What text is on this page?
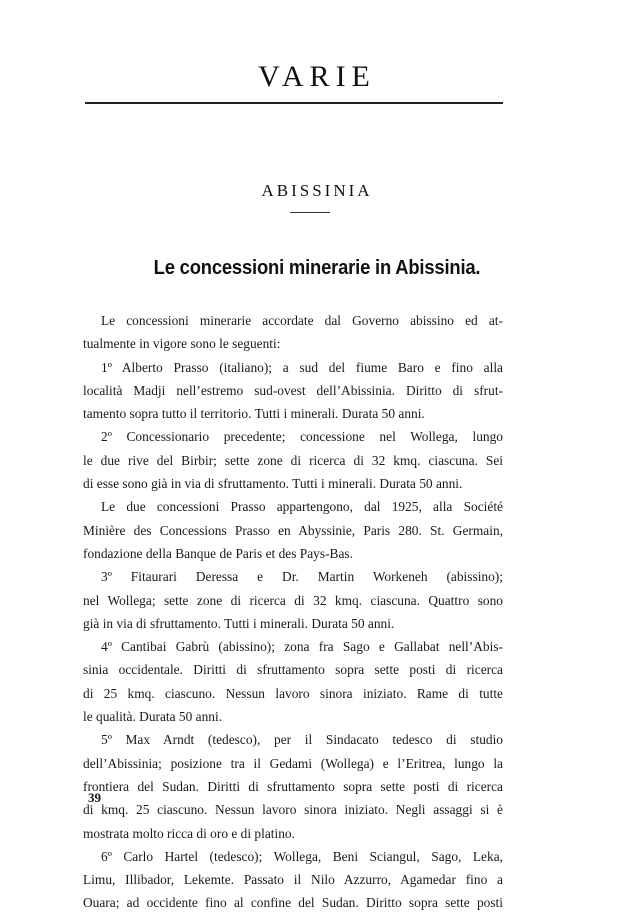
VARIE
ABISSINIA
Le concessioni minerarie in Abissinia.
Le concessioni minerarie accordate dal Governo abissino ed at-
tualmente in vigore sono le seguenti:
1º Alberto Prasso (italiano); a sud del fiume Baro e fino alla
località Madji nell’estremo sud-ovest dell’Abissinia. Diritto di sfrut-
tamento sopra tutto il territorio. Tutti i minerali. Durata 50 anni.
2º Concessionario precedente; concessione nel Wollega, lungo
le due rive del Birbir; sette zone di ricerca di 32 kmq. ciascuna. Sei
di esse sono già in via di sfruttamento. Tutti i minerali. Durata 50 anni.
Le due concessioni Prasso appartengono, dal 1925, alla Société
Minière des Concessions Prasso en Abyssinie, Paris 280. St. Germain,
fondazione della Banque de Paris et des Pays-Bas.
3º Fitaurari Deressa e Dr. Martin Workeneh (abissino);
nel Wollega; sette zone di ricerca di 32 kmq. ciascuna. Quattro sono
già in via di sfruttamento. Tutti i minerali. Durata 50 anni.
4º Cantibai Gabrù (abissino); zona fra Sago e Gallabat nell’Abis-
sinia occidentale. Diritti di sfruttamento sopra sette posti di ricerca
di 25 kmq. ciascuno. Nessun lavoro sinora iniziato. Rame di tutte
le qualità. Durata 50 anni.
5º Max Arndt (tedesco), per il Sindacato tedesco di studio
dell’Abissinia; posizione tra il Gedami (Wollega) e l’Eritrea, lungo la
frontiera del Sudan. Diritti di sfruttamento sopra sette posti di ricerca
di kmq. 25 ciascuno. Nessun lavoro sinora iniziato. Negli assaggi si è
mostrata molto ricca di oro e di platino.
6º Carlo Hartel (tedesco); Wollega, Beni Sciangul, Sago, Leka,
Limu, Illibador, Lekemte. Passato il Nilo Azzurro, Agamedar fino a
Ouara; ad occidente fino al confine del Sudan. Diritto sopra sette posti
39
